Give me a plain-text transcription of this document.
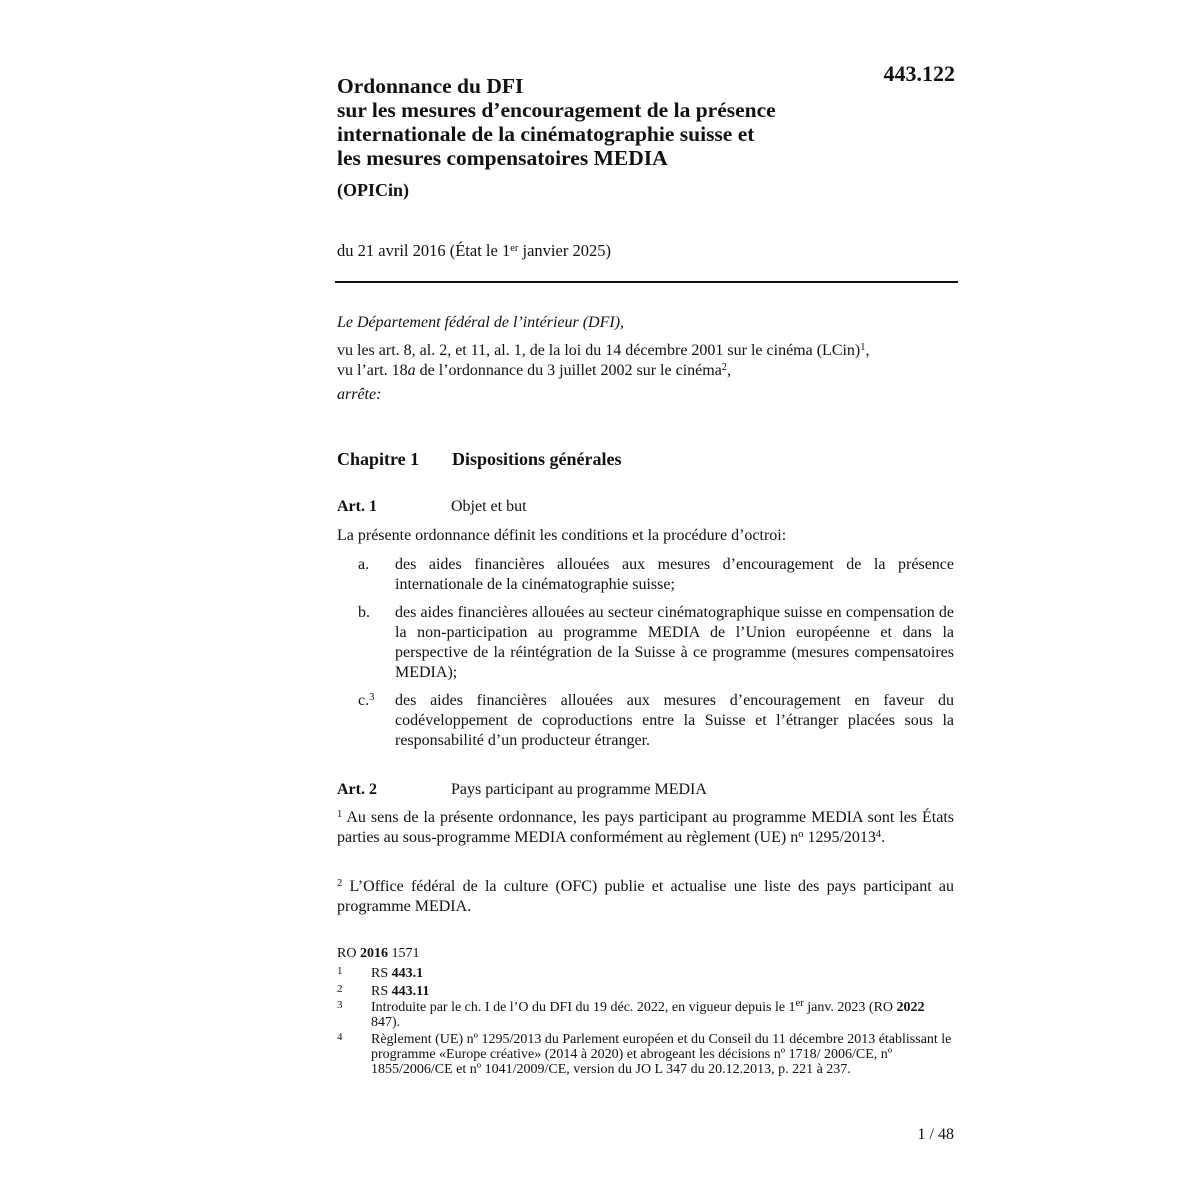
443.122
Ordonnance du DFI
sur les mesures d’encouragement de la présence
internationale de la cinématographie suisse et
les mesures compensatoires MEDIA
(OPICin)
du 21 avril 2016 (État le 1er janvier 2025)
Le Département fédéral de l’intérieur (DFI),
vu les art. 8, al. 2, et 11, al. 1, de la loi du 14 décembre 2001 sur le cinéma (LCin)$^1$,
vu l’art. 18a de l’ordonnance du 3 juillet 2002 sur le cinéma$^2$,
arrête:
Chapitre 1 Dispositions générales
Art. 1	Objet et but
La présente ordonnance définit les conditions et la procédure d’octroi:
a. des aides financières allouées aux mesures d’encouragement de la présence internationale de la cinématographie suisse;
b. des aides financières allouées au secteur cinématographique suisse en compensation de la non-participation au programme MEDIA de l’Union européenne et dans la perspective de la réintégration de la Suisse à ce programme (mesures compensatoires MEDIA);
c.$^3$ des aides financières allouées aux mesures d’encouragement en faveur du codéveloppement de coproductions entre la Suisse et l’étranger placées sous la responsabilité d’un producteur étranger.
Art. 2	Pays participant au programme MEDIA
$^1$ Au sens de la présente ordonnance, les pays participant au programme MEDIA sont les États parties au sous-programme MEDIA conformément au règlement (UE) $n^o$ 1295/2013$^4$.
$^2$ L’Office fédéral de la culture (OFC) publie et actualise une liste des pays participant au programme MEDIA.
RO 2016 1571
1 RS 443.1
2 RS 443.11
3 Introduite par le ch. I de l’O du DFI du 19 déc. 2022, en vigueur depuis le 1er janv. 2023 (RO 2022 847).
4 Règlement (UE) nº 1295/2013 du Parlement européen et du Conseil du 11 décembre 2013 établissant le programme «Europe créative» (2014 à 2020) et abrogeant les décisions nº 1718/ 2006/CE, nº 1855/2006/CE et nº 1041/2009/CE, version du JO L 347 du 20.12.2013, p. 221 à 237.
1 / 48
